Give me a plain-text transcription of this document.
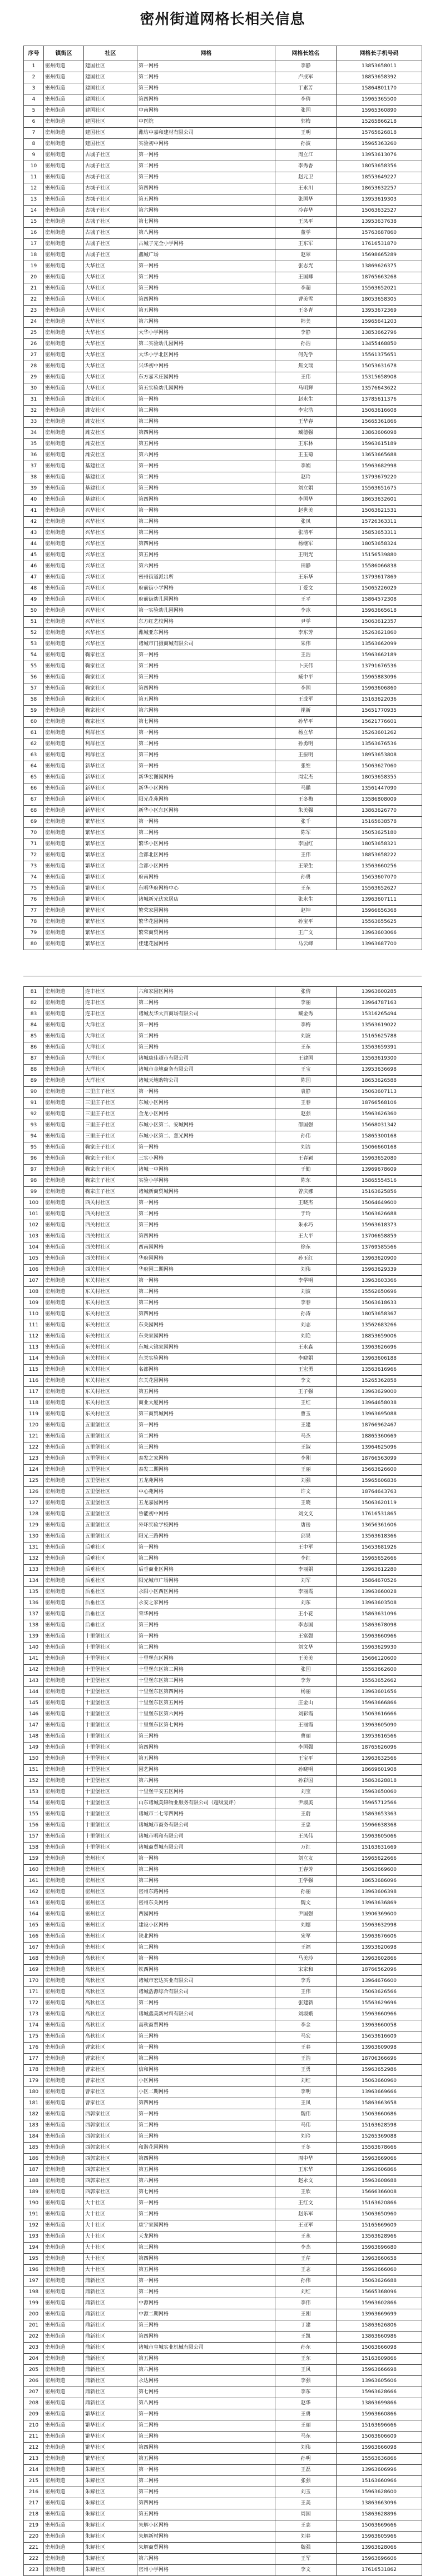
密州街道网格长相关信息
序号	镇街区	社区	网格	网格长姓名	网格长手机号码
1	密州街道	建国社区	第一网格	李静	13853658011
2	密州街道	建国社区	第二网格	卢成军	18853658392
3	密州街道	建国社区	第三网格	于素芳	15864801170
4	密州街道	建国社区	第四网格	李倩	15965365500
5	密州街道	建国社区	中南网格	张国	15965360890
6	密州街道	建国社区	中医院	郭梅	15265866218
7	密州街道	建国社区	潍坊中嘉和建材有限公司	王明	15765626818
8	密州街道	建国社区	实验初中网格	孙波	15965363260
9	密州街道	古城子社区	第一网格	周立江	13953613076
10	密州街道	古城子社区	第二网格	李秀香	18053658356
11	密州街道	古城子社区	第三网格	赵元卫	18553649227
12	密州街道	古城子社区	第四网格	王永川	18653632257
13	密州街道	古城子社区	第五网格	张国华	13953619303
14	密州街道	古城子社区	第六网格	冷春华	15063632527
15	密州街道	古城子社区	第七网格	王凤平	13953637638
16	密州街道	古城子社区	第八网格	董学	15763687860
17	密州街道	古城子社区	古城子完全小学网格	王东军	17616531870
18	密州街道	古城子社区	鑫城广场	赵翠	15698665289
19	密州街道	大华社区	第一网格	张志光	13869626375
20	密州街道	大华社区	第二网格	王国卿	18765663268
21	密州街道	大华社区	第三网格	李超	15563652021
22	密州街道	大华社区	第四网格	曹美雪	18053658305
23	密州街道	大华社区	第五网格	王冬青	13953672369
24	密州街道	大华社区	第六网格	韩美	15965641203
25	密州街道	大华社区	大华小学网格	李静	13853662796
26	密州街道	大华社区	第二实验幼儿园网格	孙浩	13455468850
27	密州街道	大华社区	大华小学北区网格	何先学	15561375651
28	密州街道	大华社区	兴华初中网格	焦文瑞	15053631678
29	密州街道	大华社区	东方嘉禾庄园网格	王伟	15315658908
30	密州街道	大华社区	第五实验幼儿园网格	马明辉	13576643622
31	密州街道	潍安社区	第一网格	赵永生	13785611376
32	密州街道	潍安社区	第二网格	李宏浩	15063616608
33	密州街道	潍安社区	第三网格	王华春	15665361866
34	密州街道	潍安社区	第四网格	臧德强	13863606098
35	密州街道	潍安社区	第五网格	王东林	15963615189
36	密州街道	潍安社区	第六网格	王玉菊	13653665688
37	密州街道	基建社区	第一网格	李娟	15963682998
38	密州街道	基建社区	第二网格	赵玲	13793679220
39	密州街道	基建社区	第三网格	刘立娟	15563651675
40	密州街道	基建社区	第四网格	李国华	18653632601
41	密州街道	兴华社区	第一网格	赵世美	15063621531
42	密州街道	兴华社区	第二网格	张凤	15726363311
43	密州街道	兴华社区	第三网格	张清平	15853653311
44	密州街道	兴华社区	第四网格	杨继军	18053658324
45	密州街道	兴华社区	第五网格	王明光	15156539880
46	密州街道	兴华社区	第六网格	田静	15586066838
47	密州街道	兴华社区	密州街道派出所	王东华	13793617869
48	密州街道	兴华社区	府前街小学网格	丁爱文	15065226029
49	密州街道	兴华社区	府前街幼儿园网格	王平	15864572308
50	密州街道	兴华社区	第一实验幼儿园网格	李冰	15963665618
51	密州街道	兴华社区	东方红艺校网格	尹学	15063612357
52	密州街道	兴华社区	潍城亚东网格	李东芳	15263621860
53	密州街道	兴华社区	诸城市门摄商城有限公司	朱伟	13563662099
54	密州街道	鞠家社区	第一网格	王浩	15963662189
55	密州街道	鞠家社区	第二网格	卜庆伟	13791676536
56	密州街道	鞠家社区	第三网格	臧中平	15965883096
57	密州街道	鞠家社区	第四网格	李国	15963606860
58	密州街道	鞠家社区	第五网格	王成军	15163622036
59	密州街道	鞠家社区	第六网格	崔新	15651770935
60	密州街道	鞠家社区	第七网格	孙华平	15621776601
61	密州街道	利群社区	第一网格	杨立华	15263601262
62	密州街道	利群社区	第二网格	孙勇明	13563676536
63	密州街道	利群社区	第三网格	王振明	18953653808
64	密州街道	新华社区	第一网格	张维	15063627060
65	密州街道	新华社区	新华宏图园网格	周宏杰	18053658355
66	密州街道	新华社区	新华小区网格	马鹏	13561447090
67	密州街道	新华社区	阳光花苑网格	王冬梅	13586808009
68	密州街道	新华社区	新华小区东区网格	朱美强	13863626770
69	密州街道	繁华社区	第一网格	张千	15165638578
70	密州街道	繁华社区	第二网格	陈军	15053625180
71	密州街道	繁华社区	繁华小区网格	李国红	18053658321
72	密州街道	繁华社区	金都北区网格	王伟	18853658222
73	密州街道	繁华社区	金都小区网格	王荣生	13563660256
74	密州街道	繁华社区	府南网格	孙勇	15653607070
75	密州街道	繁华社区	东明华府网格中心	王东	15563652627
76	密州街道	繁华社区	诸城新光伏家居店	张永生	13963607111
77	密州街道	繁华社区	繁荣家园网格	赵坤	15966656368
78	密州街道	繁华社区	繁华花园网格	孙宝平	15563655625
79	密州街道	繁华社区	繁荣商贸网格	王广文	13963603066
80	密州街道	繁华社区	佳建花园网格	马云峰	13963687700
81	密州街道	连丰社区	六和家园区网格	张倩	13963600285
82	密州街道	连丰社区	第二网格	李丽	13964787163
83	密州街道	连丰社区	诸城友华大百商场有限公司	臧金秀	15316265494
84	密州街道	大洋社区	第一网格	李梅	13563619022
85	密州街道	大洋社区	第二网格	刘波	15165625788
86	密州街道	大洋社区	第三网格	王东	13563659391
87	密州街道	大洋社区	诸城康佳超市有限公司	王建国	13563619300
88	密州街道	大洋社区	诸城市金地商务有限公司	王宝	13953636698
89	密州街道	大洋社区	诸城天地购物公司	陈国	18653626588
90	密州街道	三里庄子社区	第一网格	袁静	15063607113
91	密州街道	三里庄子社区	东城小区网格	王春	18766568106
92	密州街道	三里庄子社区	金龙小区网格	赵强	15963626360
93	密州街道	三里庄子社区	东城小区第二、安城网格	邵国强	15668031342
94	密州街道	三里庄子社区	东城小区第二、慈光网格	孙伟	15865300168
95	密州街道	鞠家庄子社区	第一网格	刘洁	15066660168
96	密州街道	鞠家庄子社区	三实小网格	王春颖	15963652080
97	密州街道	鞠家庄子社区	诸城一中网格	于勤	13969678609
98	密州街道	鞠家庄子社区	实验小学网格	陈东	15865554516
99	密州街道	鞠家庄子社区	诸城新商贸城网格	曾庆娜	15163625856
100	密州街道	西关村社区	第一网格	王晓杰	15064649600
101	密州街道	西关村社区	第二网格	于玲	15063626688
102	密州街道	西关村社区	第三网格	朱永巧	15963618373
103	密州街道	西关村社区	第四网格	王大平	13706658859
104	密州街道	西关村社区	西南园网格	徐东	13769585566
105	密州街道	西关村社区	华府园网格	孙玉红	13963620900
106	密州街道	西关村社区	华府园二期网格	刘伟	15963629339
107	密州街道	东关村社区	第一网格	李学明	13963603366
108	密州街道	东关村社区	第二网格	刘波	15562650696
109	密州街道	东关村社区	第三网格	李春	15063618633
110	密州街道	东关村社区	第四网格	孙涛	18053658367
111	密州街道	东关村社区	东关园网格	刘志	13562683266
112	密州街道	东关村社区	东关家园网格	刘艳	18853659006
113	密州街道	东关村社区	东城大锦家园网格	王永森	13963626696
114	密州街道	东关村社区	东关实验网格	李晓娟	13963606188
115	密州街道	东关村社区	名都网格	王宏勇	13563616966
116	密州街道	东关村社区	东关花园网格	李文	15265362858
117	密州街道	东关村社区	第五网格	王子强	13963629000
118	密州街道	东关村社区	商业大厦网格	王红	13964658038
119	密州街道	东关村社区	第三商贸城网格	曹玉	13963695088
120	密州街道	五里堡社区	第一网格	王建	18766962467
121	密州街道	五里堡社区	第二网格	马杰	18865360669
122	密州街道	五里堡社区	第三网格	王淑	13964625096
123	密州街道	五里堡社区	泰发之家网格	李刚	18766563099
124	密州街道	五里堡社区	泰发二期网格	王丽	15663626600
125	密州街道	五里堡社区	五龙苑网格	刘强	15965606836
126	密州街道	五里堡社区	中心苑网格	许文	18764643763
127	密州街道	五里堡社区	五龙嘉园网格	王晓	15063620119
128	密州街道	五里堡社区	鲁能初中网格	刘文义	17616531865
129	密州街道	五里堡社区	外环实验学校网格	唐岳	13656361606
130	密州街道	五里堡社区	阳光三路网格	邱昊	13563618366
131	密州街道	后垂社区	第一网格	王中军	15653681926
132	密州街道	后垂社区	第二网格	李红	15965652666
133	密州街道	后垂社区	后垂商业区网格	李丽娟	13963612280
134	密州街道	后垂社区	阳光城市广场网格	刘军	15864670526
135	密州街道	后垂社区	永阳小区西区网格	李丽霞	13963660028
136	密州街道	后垂社区	永安之家网格	刘东	13963603508
137	密州街道	后垂社区	荣华网格	王小花	15863631096
138	密州街道	后垂社区	第三网格	李志国	15863678098
139	密州街道	十里堡社区	第一网格	王富强	15963660966
140	密州街道	十里堡社区	第二网格	刘文华	15963629930
141	密州街道	十里堡社区	十里堡东区网格	王美美	15666120600
142	密州街道	十里堡社区	十里堡东区第二网格	张国	15563662600
143	密州街道	十里堡社区	十里堡东区第三网格	李芳	15563652662
144	密州街道	十里堡社区	十里堡东区第四网格	杨丽	13963601656
145	密州街道	十里堡社区	十里堡东区第五网格	庄金山	15963666866
146	密州街道	十里堡社区	十里堡东区第六网格	刘彩霞	15063616666
147	密州街道	十里堡社区	十里堡东区第七网格	王丽霞	13963605090
148	密州街道	十里堡社区	第三网格	曹丽	13953616566
149	密州街道	十里堡社区	第四网格	李国强	18765626096
150	密州街道	十里堡社区	第五网格	王宝平	13963632566
151	密州街道	十里堡社区	园艺网格	孙晓明	18669601908
152	密州街道	十里堡社区	第六网格	孙彩国	15863628818
153	密州街道	十里堡社区	十里堡平安五区网格	刘宝	15963650060
154	密州街道	十里堡社区	山东诸城美锦物业服务有限公司（超级复评）	尹淑美	15965712566
155	密州街道	十里堡社区	诸城市二七零四网格	王蔚	15863653363
156	密州街道	十里堡社区	诸城城市商务有限公司	王忠	15966638368
157	密州街道	十里堡社区	诸城市明和有限公司	王凤伟	15963605066
158	密州街道	十里堡社区	诸城商贸城有限公司	万红	15163631669
159	密州街道	密州社区	第一网格	刘立友	15965622666
160	密州街道	密州社区	第二网格	王春芳	15063669600
161	密州街道	密州社区	第三网格	王学强	18653686096
162	密州街道	密州社区	密州东路网格	孙丽	13963606398
163	密州街道	密州社区	密州东关网格	魏文	13963636869
164	密州街道	密州社区	西园网格	尹国强	13906369600
165	密州街道	密州社区	建设小区网格	刘娜	15963632998
166	密州街道	密州社区	铁北网格	宋军	15963676606
167	密州街道	密州社区	第二网格	王福	13953620698
168	密州街道	高秋社区	第一网格	马美玲	13963602866
169	密州街道	高秋社区	铁西网格	宋家和	18766562096
170	密州街道	高秋社区	诸城市宏达实业有限公司	李秀	13964676600
171	密州街道	高秋社区	诸城浩源综合有限公司	王伟	15063626566
172	密州街道	高秋社区	第二网格	张建新	15563629696
173	密州街道	高秋社区	诸城鑫美新材料有限公司	刘淑娥	15963660966
174	密州街道	高秋社区	高秋商贸网格	李金	13963660058
175	密州街道	高秋社区	第三网格	马宏	15653616609
176	密州街道	曹家社区	第一网格	王春	13963609098
177	密州街道	曹家社区	第二网格	王浩	18706366696
178	密州街道	曹家社区	信和网格	王勇	15963652986
179	密州街道	曹家社区	小区网格	刘红	15063660960
180	密州街道	曹家社区	小区二期网格	李明	13963669666
181	密州街道	曹家社区	第四网格	王凤	15863663658
182	密州街道	西郭家社区	第一网格	魏伟	15063660686
183	密州街道	西郭家社区	第二网格	马伟	15163628598
184	密州街道	西郭家社区	第三网格	刘玲	15265369088
185	密州街道	西郭家社区	和谐花园网格	王冬	15563678666
186	密州街道	西郭家社区	第四网格	周中华	15963669066
187	密州街道	西郭家社区	第五网格	王东华	13963606866
188	密州街道	西郭家社区	第六网格	赵永文	15963608688
189	密州街道	西郭家社区	第七网格	王欣	15666366008
190	密州街道	大十社区	第一网格	王红文	15163620866
191	密州街道	大十社区	第二网格	赵乐军	15063650960
192	密州街道	大十社区	康宁家园网格	王亚军	15165669609
193	密州街道	大十社区	天龙网格	王永	13563628966
194	密州街道	大十社区	第三网格	李杰	15963696680
195	密州街道	大十社区	第四网格	王芹	13963660658
196	密州街道	大十社区	第五网格	王志	15963666060
197	密州街道	鼎新社区	第一网格	孙伟	15063626688
198	密州街道	鼎新社区	第二网格	刘红	15665368096
199	密州街道	鼎新社区	中源网格	李伟	15963602866
200	密州街道	鼎新社区	中源二期网格	王刚	13963669699
201	密州街道	鼎新社区	第三网格	丁建	15863626806
202	密州街道	鼎新社区	第四网格	王凯	13863660986
203	密州街道	鼎新社区	诸城市皇城实业机械有限公司	孙东	15063666098
204	密州街道	鼎新社区	第五网格	王东	15163609866
205	密州街道	鼎新社区	第六网格	王风	15963666698
206	密州街道	鼎新社区	永达网格	李强	13963605606
207	密州街道	鼎新社区	第七网格	李东	15963628666
208	密州街道	鼎新社区	第八网格	赵华	13863699866
209	密州街道	繁华社区	第一网格	王勇	15963660866
210	密州街道	繁华社区	第二网格	王丽	15163696666
211	密州街道	繁华社区	第三网格	马东	15063606609
212	密州街道	繁华社区	第四网格	刘伟	15963666098
213	密州街道	繁华社区	第五网格	孙明	15563636866
214	密州街道	朱解社区	第一网格	王磊	13963606996
215	密州街道	朱解社区	第二网格	张强	15163660966
216	密州街道	朱解社区	第三网格	刘玉	15963628600
217	密州街道	朱解社区	第四网格	王美	13863663096
218	密州街道	朱解社区	第五网格	周国	15863628896
219	密州街道	朱解社区	朱解小区网格	王志	15063669666
220	密州街道	朱解社区	朱解新村网格	刘春	15963605966
221	密州街道	朱解社区	朱解商贸网格	魏强	13963628066
222	密州街道	朱解社区	第六网格	王军	15963696606
223	密州街道	朱解社区	密州小学网格	李文	17616531862
